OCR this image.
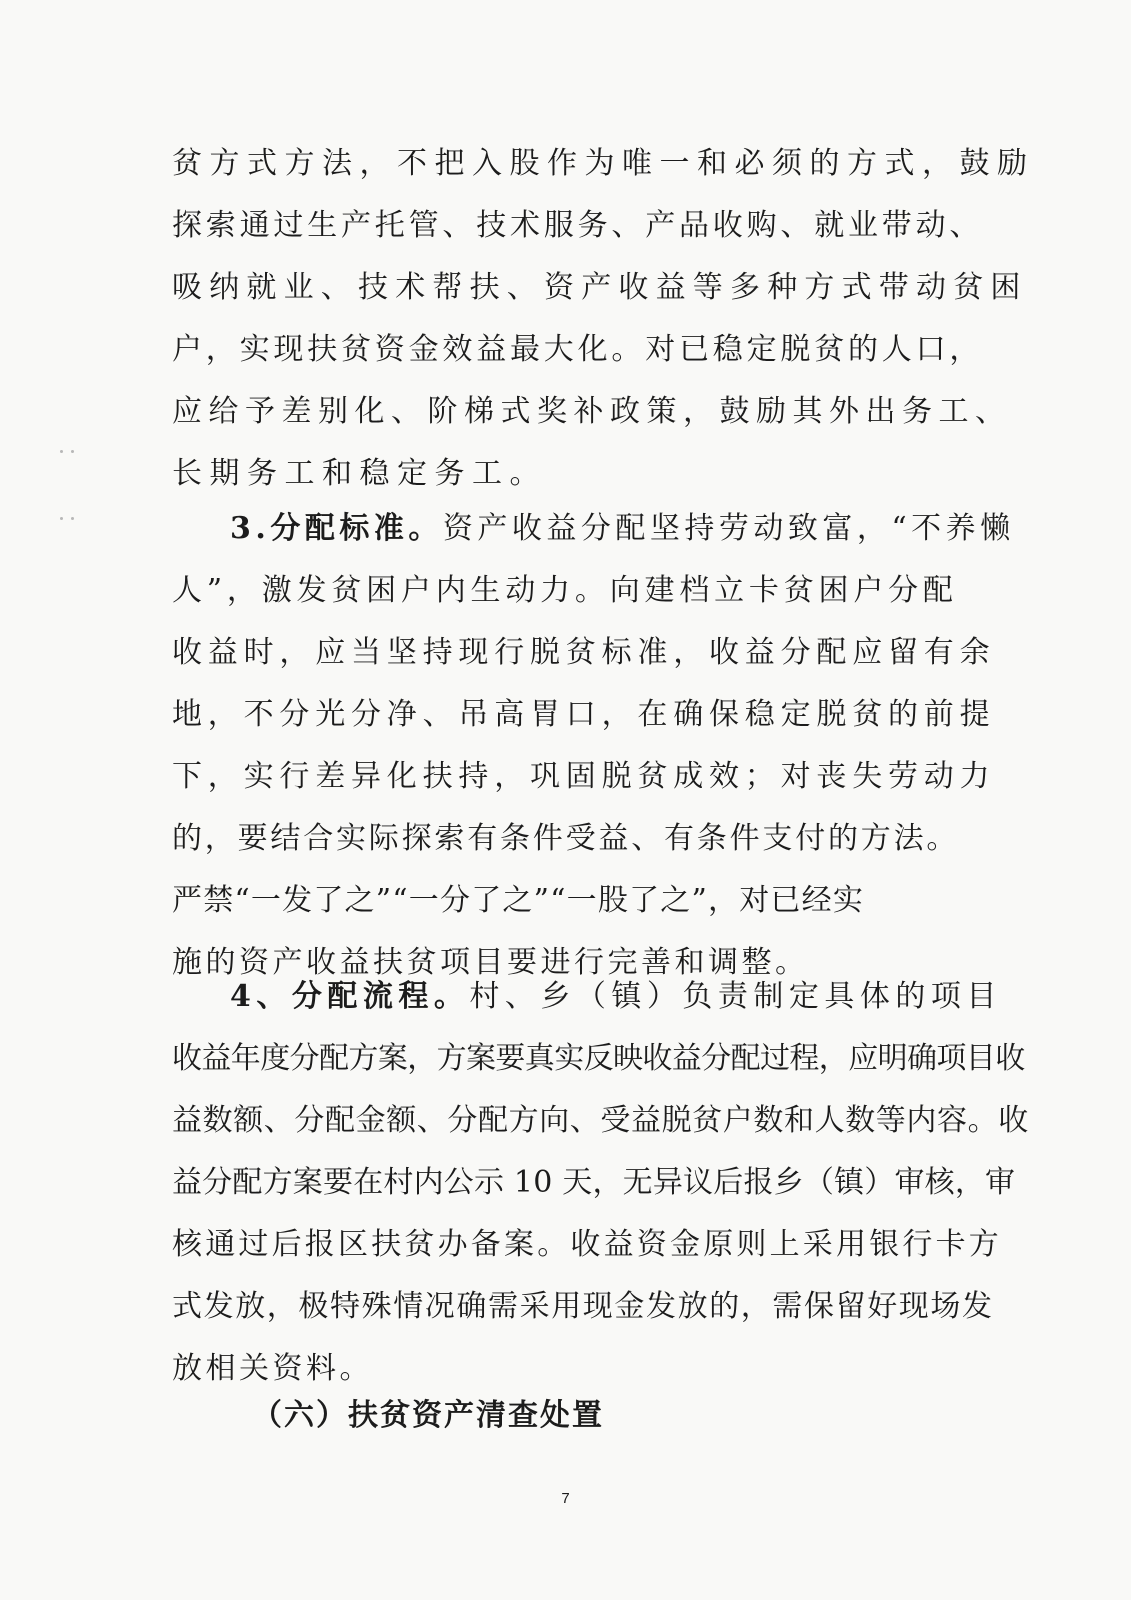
贫方式方法，不把入股作为唯一和必须的方式，鼓励
探索通过生产托管、技术服务、产品收购、就业带动、
吸纳就业、技术帮扶、资产收益等多种方式带动贫困
户，实现扶贫资金效益最大化。对已稳定脱贫的人口，
应给予差别化、阶梯式奖补政策，鼓励其外出务工、
长期务工和稳定务工。
3.分配标准。资产收益分配坚持劳动致富，“不养懒
人”，激发贫困户内生动力。向建档立卡贫困户分配
收益时，应当坚持现行脱贫标准，收益分配应留有余
地，不分光分净、吊高胃口，在确保稳定脱贫的前提
下，实行差异化扶持，巩固脱贫成效；对丧失劳动力
的，要结合实际探索有条件受益、有条件支付的方法。
严禁“一发了之”“一分了之”“一股了之”，对已经实
施的资产收益扶贫项目要进行完善和调整。
4、分配流程。村、乡（镇）负责制定具体的项目
收益年度分配方案，方案要真实反映收益分配过程，应明确项目收
益数额、分配金额、分配方向、受益脱贫户数和人数等内容。收
益分配方案要在村内公示 10 天，无异议后报乡（镇）审核，审
核通过后报区扶贫办备案。收益资金原则上采用银行卡方
式发放，极特殊情况确需采用现金发放的，需保留好现场发
放相关资料。
（六）扶贫资产清查处置
7
